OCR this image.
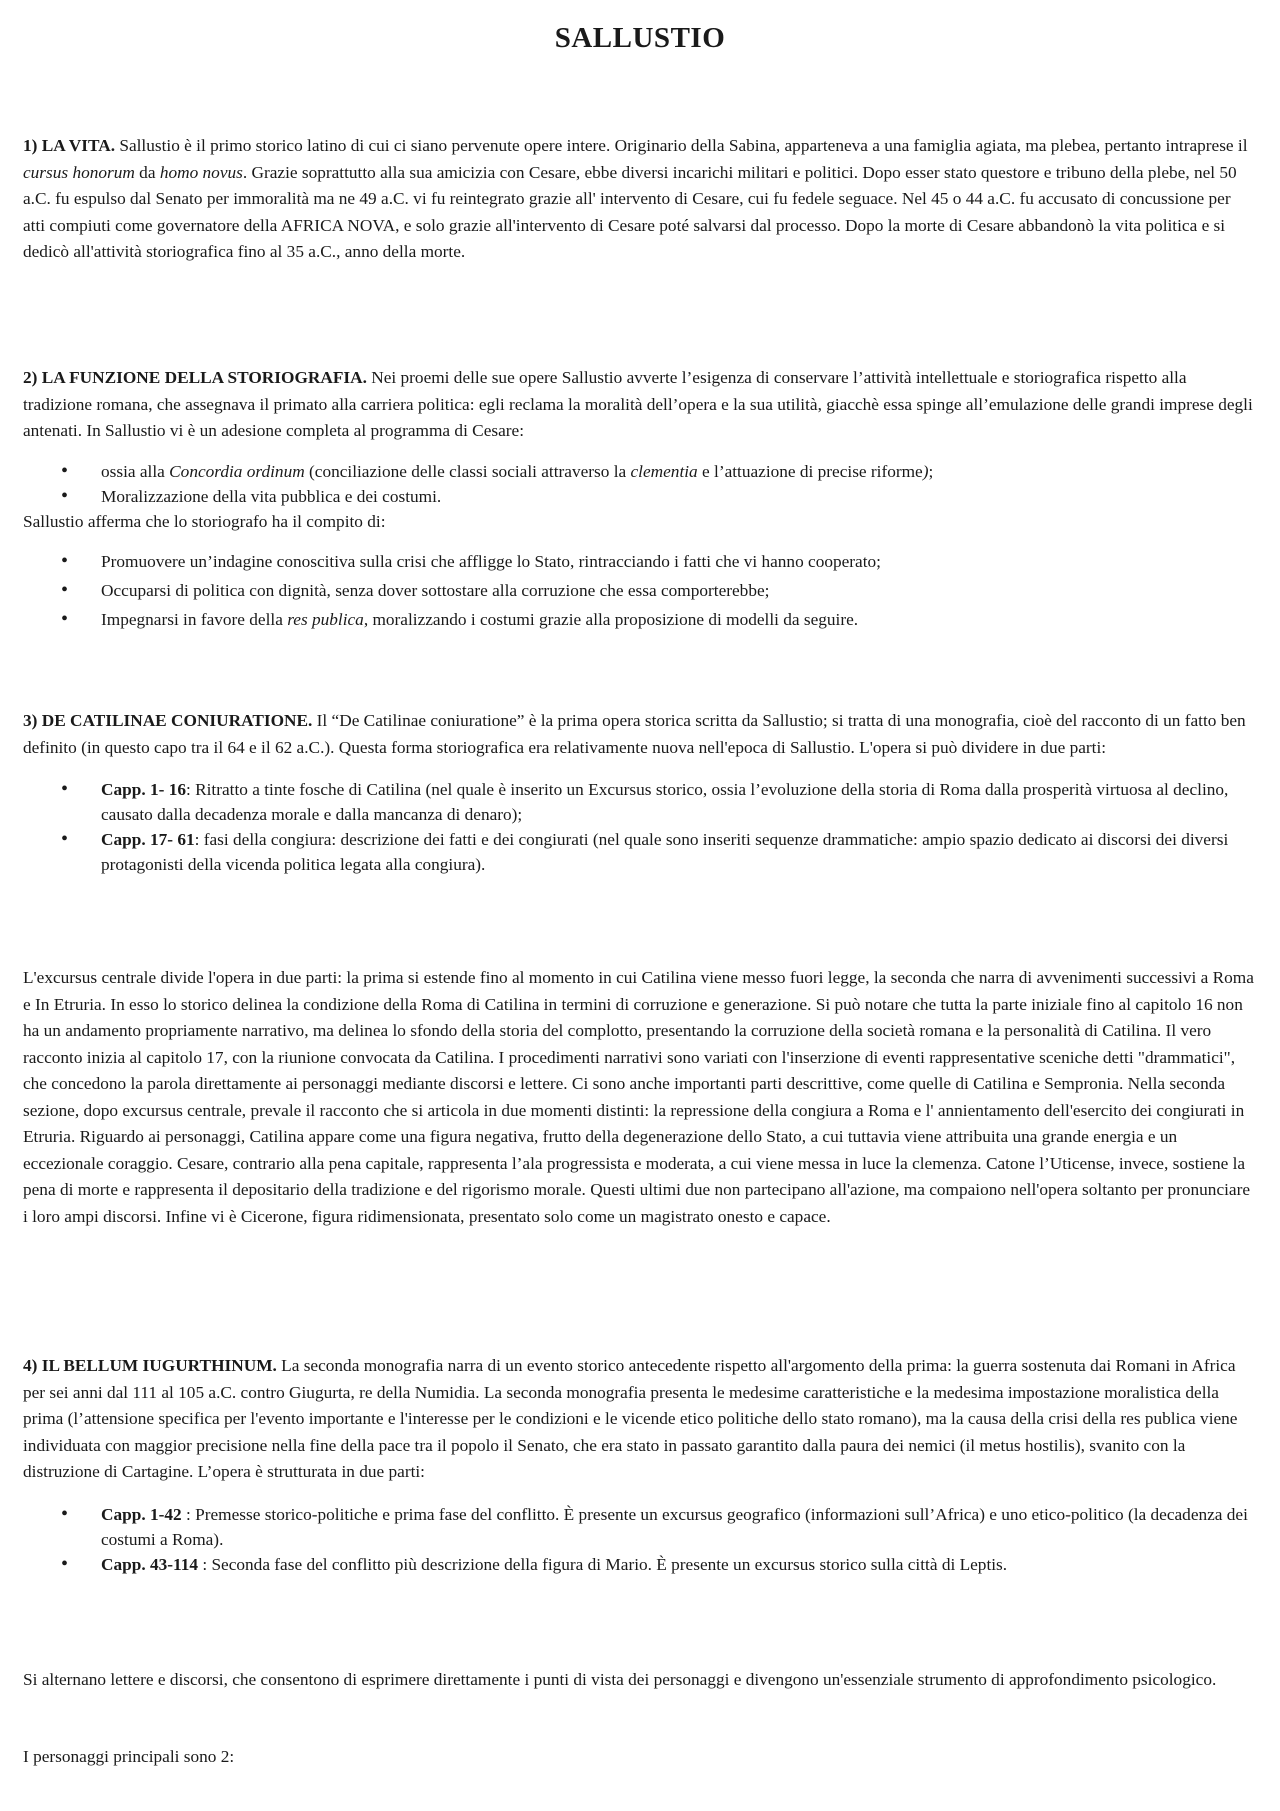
SALLUSTIO

1) LA VITA. Sallustio è il primo storico latino di cui ci siano pervenute opere intere. Originario della Sabina, apparteneva a una famiglia agiata, ma plebea, pertanto intraprese il cursus honorum da homo novus. Grazie soprattutto alla sua amicizia con Cesare, ebbe diversi incarichi militari e politici. Dopo esser stato questore e tribuno della plebe, nel 50 a.C. fu espulso dal Senato per immoralità ma ne 49 a.C. vi fu reintegrato grazie all' intervento di Cesare, cui fu fedele seguace. Nel 45 o 44 a.C. fu accusato di concussione per atti compiuti come governatore della AFRICA NOVA, e solo grazie all'intervento di Cesare poté salvarsi dal processo. Dopo la morte di Cesare abbandonò la vita politica e si dedicò all'attività storiografica fino al 35 a.C., anno della morte.

2) LA FUNZIONE DELLA STORIOGRAFIA. Nei proemi delle sue opere Sallustio avverte l’esigenza di conservare l’attività intellettuale e storiografica rispetto alla tradizione romana, che assegnava il primato alla carriera politica: egli reclama la moralità dell’opera e la sua utilità, giacchè essa spinge all’emulazione delle grandi imprese degli antenati. In Sallustio vi è un adesione completa al programma di Cesare:

• ossia alla Concordia ordinum (conciliazione delle classi sociali attraverso la clementia e l’attuazione di precise riforme);
• Moralizzazione della vita pubblica e dei costumi.

Sallustio afferma che lo storiografo ha il compito di:

• Promuovere un’indagine conoscitiva sulla crisi che affligge lo Stato, rintracciando i fatti che vi hanno cooperato;
• Occuparsi di politica con dignità, senza dover sottostare alla corruzione che essa comporterebbe;
• Impegnarsi in favore della res publica, moralizzando i costumi grazie alla proposizione di modelli da seguire.

3) DE CATILINAE CONIURATIONE. Il “De Catilinae coniuratione” è la prima opera storica scritta da Sallustio; si tratta di una monografia, cioè del racconto di un fatto ben definito (in questo capo tra il 64 e il 62 a.C.). Questa forma storiografica era relativamente nuova nell'epoca di Sallustio. L'opera si può dividere in due parti:

• Capp. 1- 16: Ritratto a tinte fosche di Catilina (nel quale è inserito un Excursus storico, ossia l’evoluzione della storia di Roma dalla prosperità virtuosa al declino, causato dalla decadenza morale e dalla mancanza di denaro);
• Capp. 17- 61: fasi della congiura: descrizione dei fatti e dei congiurati (nel quale sono inseriti sequenze drammatiche: ampio spazio dedicato ai discorsi dei diversi protagonisti della vicenda politica legata alla congiura).

L'excursus centrale divide l'opera in due parti: la prima si estende fino al momento in cui Catilina viene messo fuori legge, la seconda che narra di avvenimenti successivi a Roma e In Etruria. In esso lo storico delinea la condizione della Roma di Catilina in termini di corruzione e generazione. Si può notare che tutta la parte iniziale fino al capitolo 16 non ha un andamento propriamente narrativo, ma delinea lo sfondo della storia del complotto, presentando la corruzione della società romana e la personalità di Catilina. Il vero racconto inizia al capitolo 17, con la riunione convocata da Catilina. I procedimenti narrativi sono variati con l'inserzione di eventi rappresentative sceniche detti "drammatici", che concedono la parola direttamente ai personaggi mediante discorsi e lettere. Ci sono anche importanti parti descrittive, come quelle di Catilina e Sempronia. Nella seconda sezione, dopo excursus centrale, prevale il racconto che si articola in due momenti distinti: la repressione della congiura a Roma e l' annientamento dell'esercito dei congiurati in Etruria. Riguardo ai personaggi, Catilina appare come una figura negativa, frutto della degenerazione dello Stato, a cui tuttavia viene attribuita una grande energia e un eccezionale coraggio. Cesare, contrario alla pena capitale, rappresenta l’ala progressista e moderata, a cui viene messa in luce la clemenza. Catone l’Uticense, invece, sostiene la pena di morte e rappresenta il depositario della tradizione e del rigorismo morale. Questi ultimi due non partecipano all'azione, ma compaiono nell'opera soltanto per pronunciare i loro ampi discorsi. Infine vi è Cicerone, figura ridimensionata, presentato solo come un magistrato onesto e capace.

4) IL BELLUM IUGURTHINUM. La seconda monografia narra di un evento storico antecedente rispetto all'argomento della prima: la guerra sostenuta dai Romani in Africa per sei anni dal 111 al 105 a.C. contro Giugurta, re della Numidia. La seconda monografia presenta le medesime caratteristiche e la medesima impostazione moralistica della prima (l’attensione specifica per l'evento importante e l'interesse per le condizioni e le vicende etico politiche dello stato romano), ma la causa della crisi della res publica viene individuata con maggior precisione nella fine della pace tra il popolo il Senato, che era stato in passato garantito dalla paura dei nemici (il metus hostilis), svanito con la distruzione di Cartagine. L’opera è strutturata in due parti:

• Capp. 1-42 : Premesse storico-politiche e prima fase del conflitto. È presente un excursus geografico (informazioni sull’Africa) e uno etico-politico (la decadenza dei costumi a Roma).
• Capp. 43-114 : Seconda fase del conflitto più descrizione della figura di Mario. È presente un excursus storico sulla città di Leptis.

Si alternano lettere e discorsi, che consentono di esprimere direttamente i punti di vista dei personaggi e divengono un'essenziale strumento di approfondimento psicologico.

I personaggi principali sono 2:
